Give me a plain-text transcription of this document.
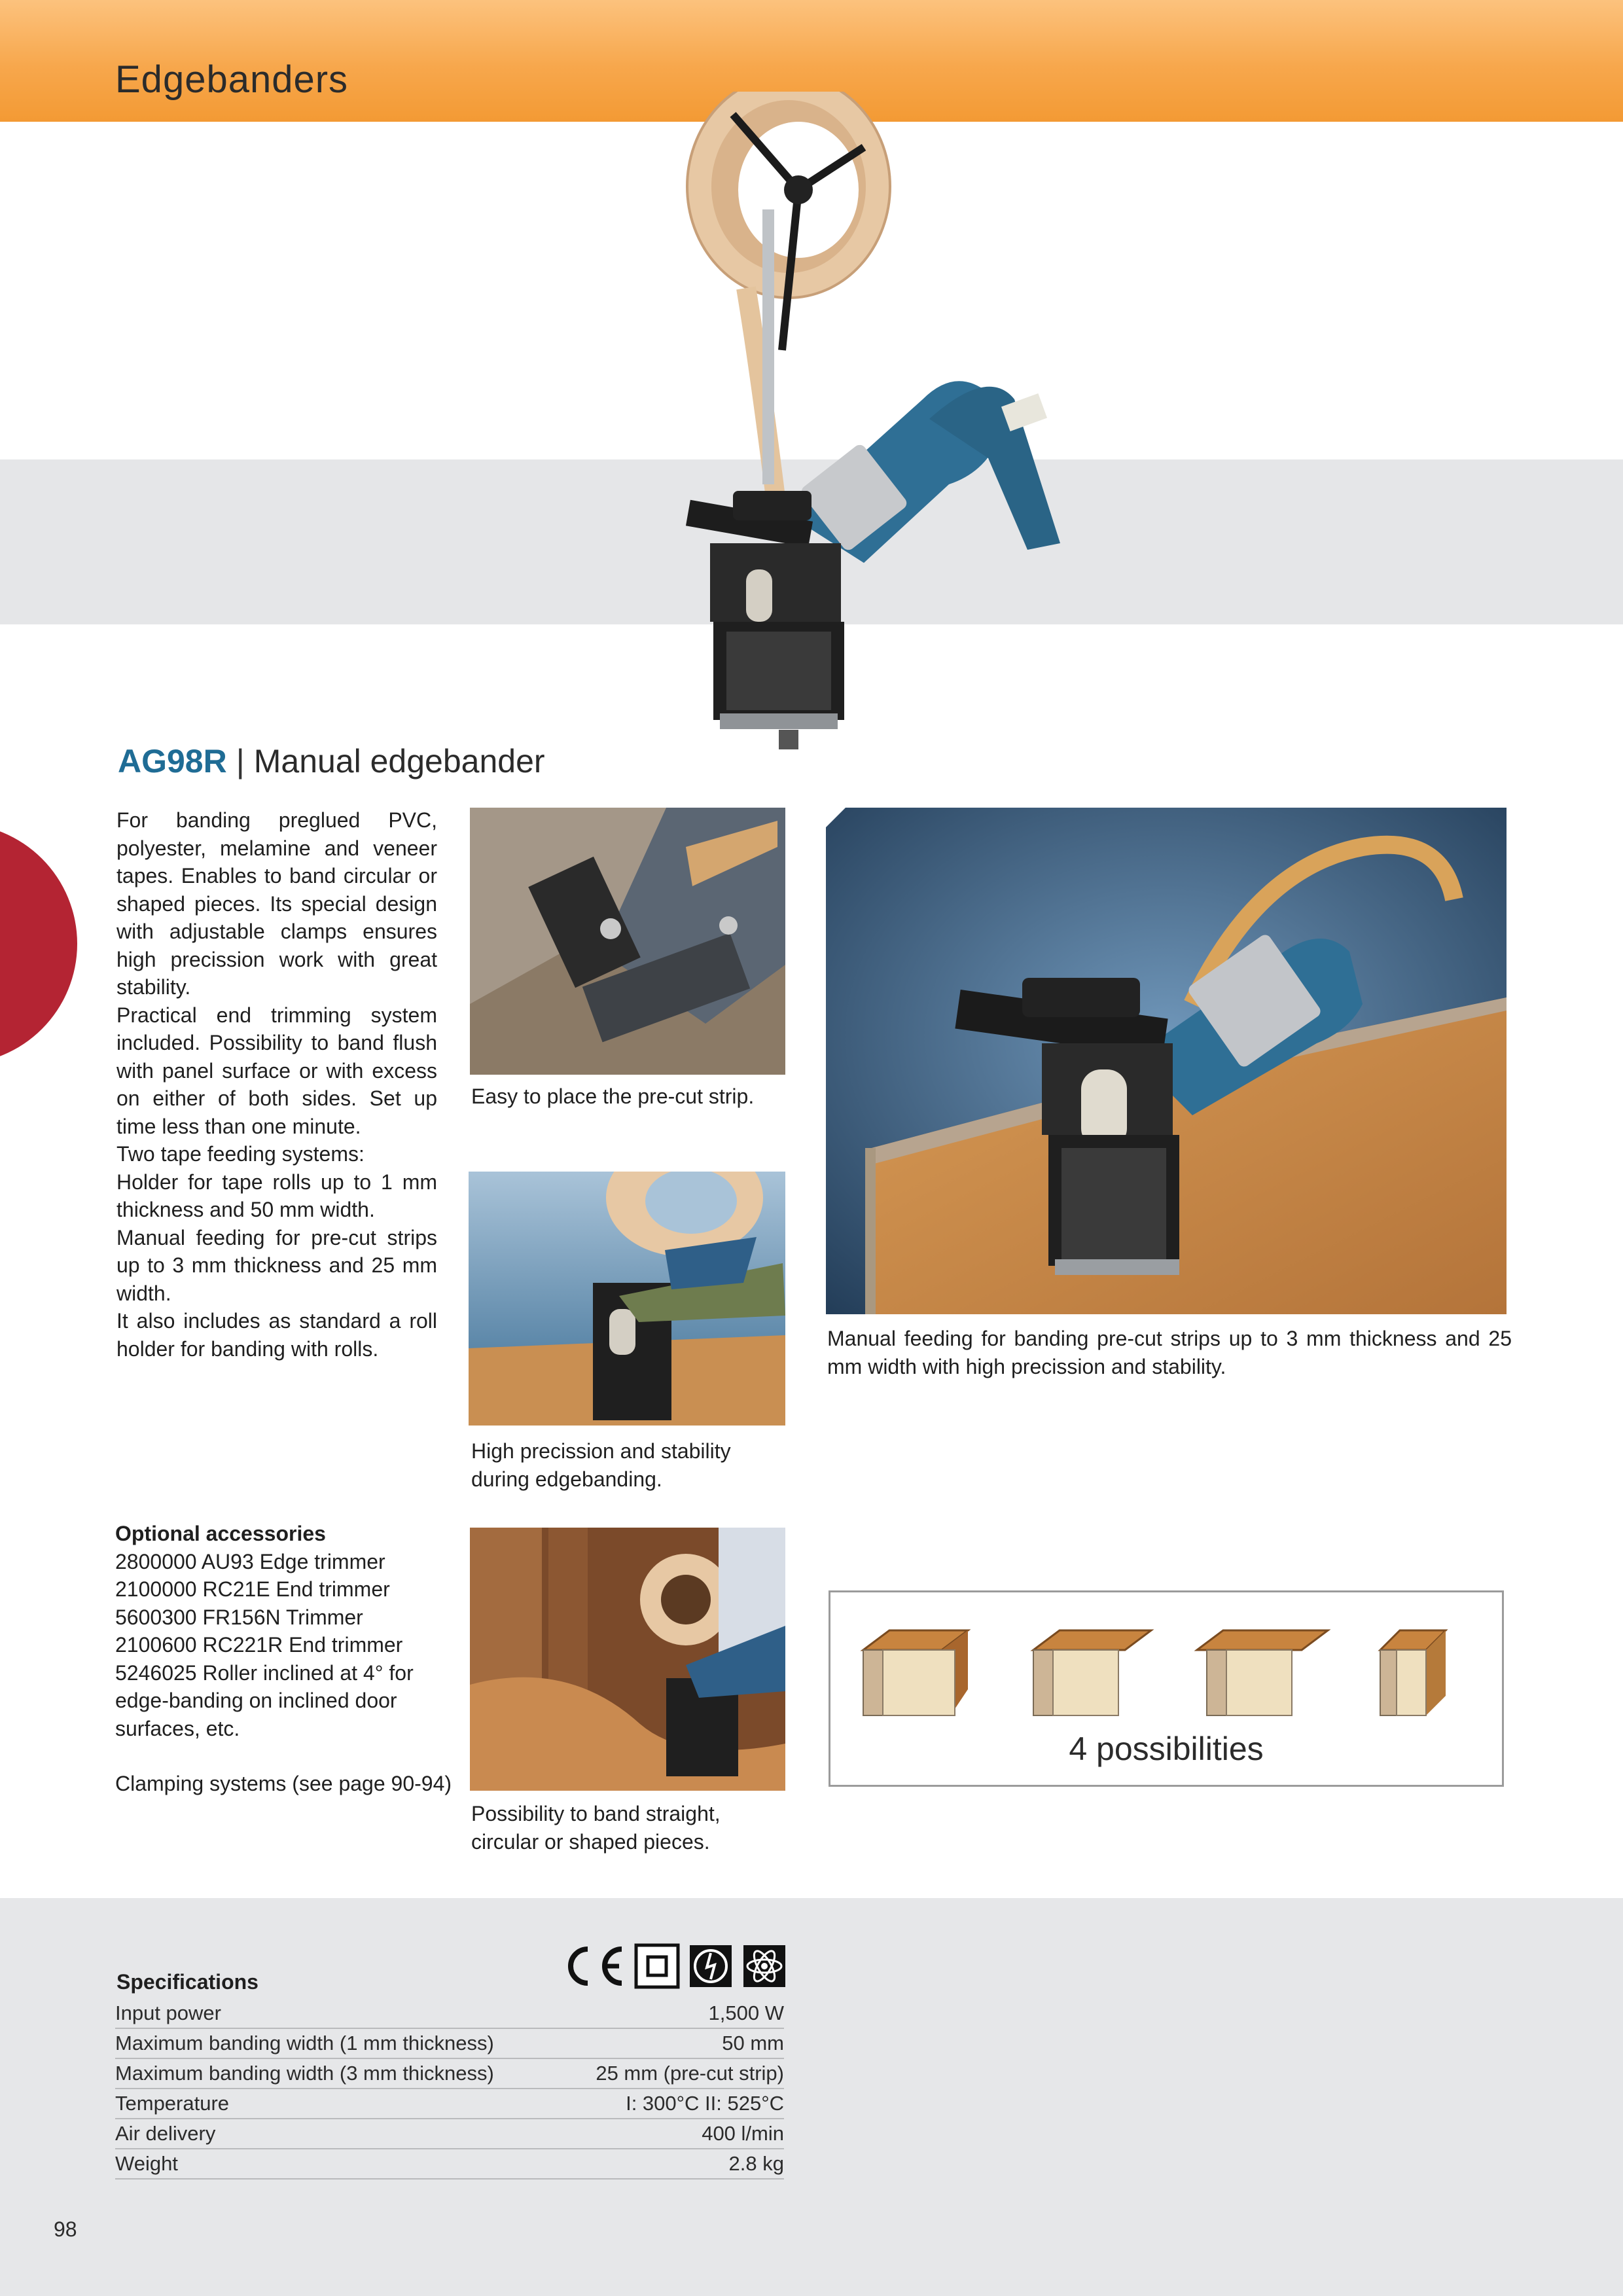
Edgebanders
AG98R | Manual edgebander

For banding preglued PVC, polyester, melamine and veneer tapes. Enables to band circular or shaped pieces. Its special design with adjustable clamps ensures high precission work with great stability.

Practical end trimming system included. Possibility to band flush with panel surface or with excess on either of both sides. Set up time less than one minute.

Two tape feeding systems:

Holder for tape rolls up to 1 mm thickness and 50 mm width.

Manual feeding for pre-cut strips up to 3 mm thickness and 25 mm width.

It also includes as standard a roll holder for banding with rolls.

Easy to place the pre-cut strip.
High precission and stability during edgebanding.
Possibility to band straight, circular or shaped pieces.
Manual feeding for banding pre-cut strips up to 3 mm thickness and 25 mm width with high precission and stability.
Optional accessories
2800000 AU93 Edge trimmer
2100000 RC21E End trimmer
5600300 FR156N Trimmer
2100600 RC221R End trimmer
5246025 Roller inclined at 4° for edge-banding on inclined door surfaces, etc.
Clamping systems (see page 90-94)
4 possibilities
Specifications
Input power	1,500 W
Maximum banding width (1 mm thickness)	50 mm
Maximum banding width (3 mm thickness)	25 mm (pre-cut strip)
Temperature	I: 300°C II: 525°C
Air delivery	400 l/min
Weight	2.8 kg
98
